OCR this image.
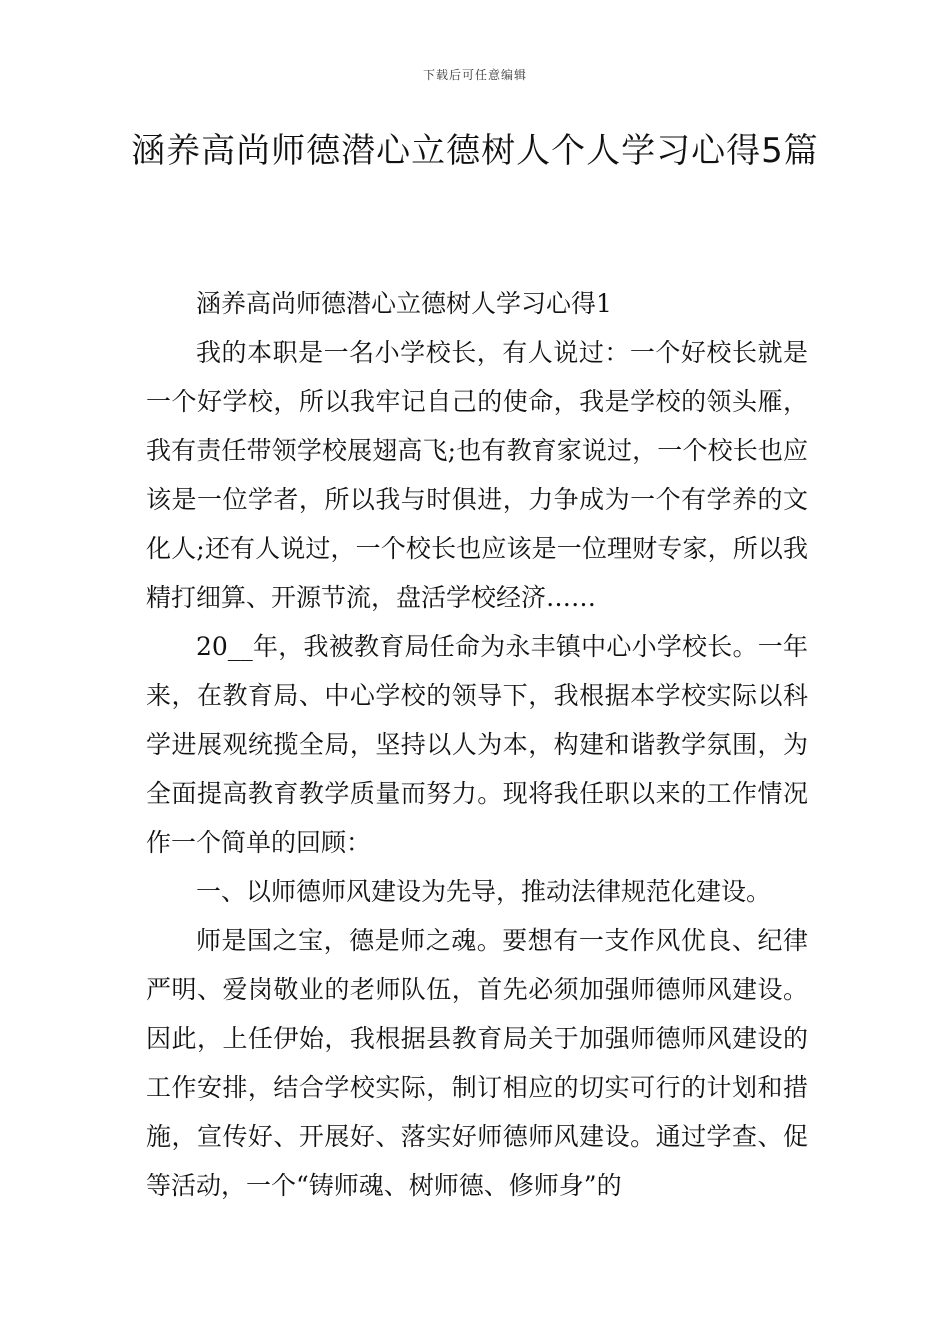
下载后可任意编辑
涵养高尚师德潜心立德树人个人学习心得5篇

涵养高尚师德潜心立德树人学习心得1

我的本职是一名小学校长，有人说过：一个好校长就是一个好学校，所以我牢记自己的使命，我是学校的领头雁，我有责任带领学校展翅高飞;也有教育家说过，一个校长也应该是一位学者，所以我与时俱进，力争成为一个有学养的文化人;还有人说过，一个校长也应该是一位理财专家，所以我精打细算、开源节流，盘活学校经济……

20__年，我被教育局任命为永丰镇中心小学校长。一年来，在教育局、中心学校的领导下，我根据本学校实际以科学进展观统揽全局，坚持以人为本，构建和谐教学氛围，为全面提高教育教学质量而努力。现将我任职以来的工作情况作一个简单的回顾：

一、以师德师风建设为先导，推动法律规范化建设。

师是国之宝，德是师之魂。要想有一支作风优良、纪律严明、爱岗敬业的老师队伍，首先必须加强师德师风建设。因此，上任伊始，我根据县教育局关于加强师德师风建设的工作安排，结合学校实际，制订相应的切实可行的计划和措施，宣传好、开展好、落实好师德师风建设。通过学查、促等活动，一个“铸师魂、树师德、修师身”的
